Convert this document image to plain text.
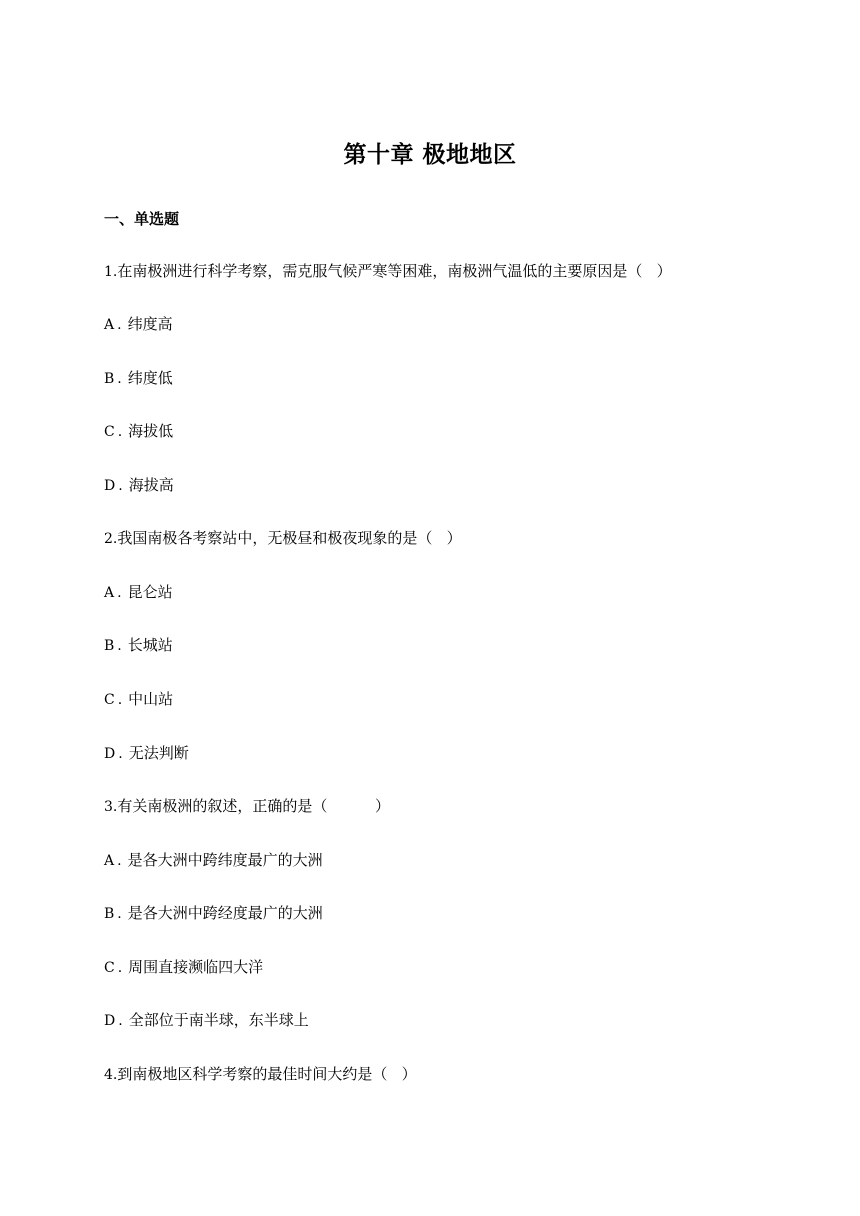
第十章 极地地区
一、单选题
1.在南极洲进行科学考察，需克服气候严寒等困难，南极洲气温低的主要原因是（   ）
A . 纬度高
B . 纬度低
C . 海拔低
D . 海拔高
2.我国南极各考察站中，无极昼和极夜现象的是（   ）
A . 昆仑站
B . 长城站
C . 中山站
D . 无法判断
3.有关南极洲的叙述，正确的是（          ）
A . 是各大洲中跨纬度最广的大洲
B . 是各大洲中跨经度最广的大洲
C . 周围直接濒临四大洋
D . 全部位于南半球，东半球上
4.到南极地区科学考察的最佳时间大约是（   ）
